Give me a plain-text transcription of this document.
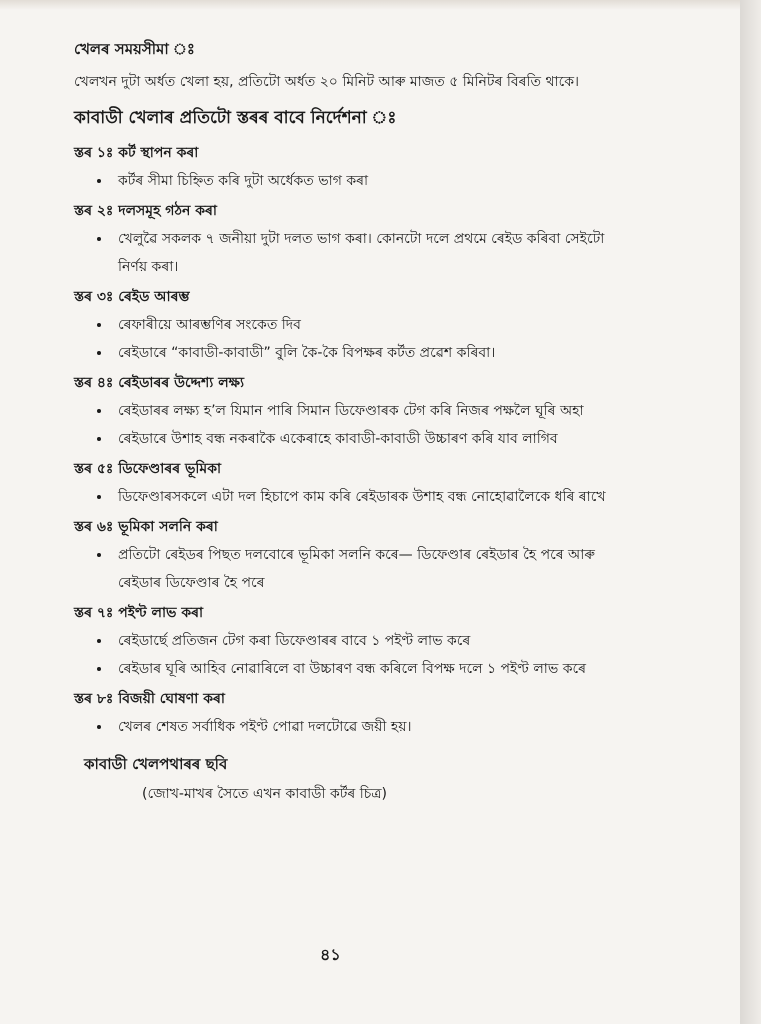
খেলৰ সময়সীমা ঃ
খেলখন দুটা অৰ্ধত খেলা হয়, প্ৰতিটো অৰ্ধত ২০ মিনিট আৰু মাজত ৫ মিনিটৰ বিৰতি থাকে।
কাবাডী খেলাৰ প্ৰতিটো স্তৰৰ বাবে নিৰ্দেশনা ঃ
স্তৰ ১ঃ কৰ্ট স্থাপন কৰা
• কৰ্টৰ সীমা চিহ্নিত কৰি দুটা অৰ্ধেকত ভাগ কৰা
স্তৰ ২ঃ দলসমূহ গঠন কৰা
• খেলুৱৈ সকলক ৭ জনীয়া দুটা দলত ভাগ কৰা। কোনটো দলে প্ৰথমে ৰেইড কৰিবা সেইটো নিৰ্ণয় কৰা।
স্তৰ ৩ঃ ৰেইড আৰম্ভ
• ৰেফাৰীয়ে আৰম্ভণিৰ সংকেত দিব
• ৰেইডাৰে “কাবাডী-কাবাডী” বুলি কৈ-কৈ বিপক্ষৰ কৰ্টত প্ৰৱেশ কৰিবা।
স্তৰ ৪ঃ ৰেইডাৰৰ উদ্দেশ্য লক্ষ্য
• ৰেইডাৰৰ লক্ষ্য হ’ল যিমান পাৰি সিমান ডিফেণ্ডাৰক টেগ কৰি নিজৰ পক্ষলৈ ঘূৰি অহা
• ৰেইডাৰে উশাহ বন্ধ নকৰাকৈ একেৰাহে কাবাডী-কাবাডী উচ্চাৰণ কৰি যাব লাগিব
স্তৰ ৫ঃ ডিফেণ্ডাৰৰ ভূমিকা
• ডিফেণ্ডাৰসকলে এটা দল হিচাপে কাম কৰি ৰেইডাৰক উশাহ বন্ধ নোহোৱালৈকে ধৰি ৰাখে
স্তৰ ৬ঃ ভূমিকা সলনি কৰা
• প্ৰতিটো ৰেইডৰ পিছত দলবোৰে ভূমিকা সলনি কৰে— ডিফেণ্ডাৰ ৰেইডাৰ হৈ পৰে আৰু ৰেইডাৰ ডিফেণ্ডাৰ হৈ পৰে
স্তৰ ৭ঃ পইণ্ট লাভ কৰা
• ৰেইডাৰ্ছে প্ৰতিজন টেগ কৰা ডিফেণ্ডাৰৰ বাবে ১ পইণ্ট লাভ কৰে
• ৰেইডাৰ ঘূৰি আহিব নোৱাৰিলে বা উচ্চাৰণ বন্ধ কৰিলে বিপক্ষ দলে ১ পইণ্ট লাভ কৰে
স্তৰ ৮ঃ বিজয়ী ঘোষণা কৰা
• খেলৰ শেষত সৰ্বাধিক পইণ্ট পোৱা দলটোৱে জয়ী হয়।
কাবাডী খেলপথাৰৰ ছবি
(জোখ-মাখৰ সৈতে এখন কাবাডী কৰ্টৰ চিত্ৰ)
৪১
